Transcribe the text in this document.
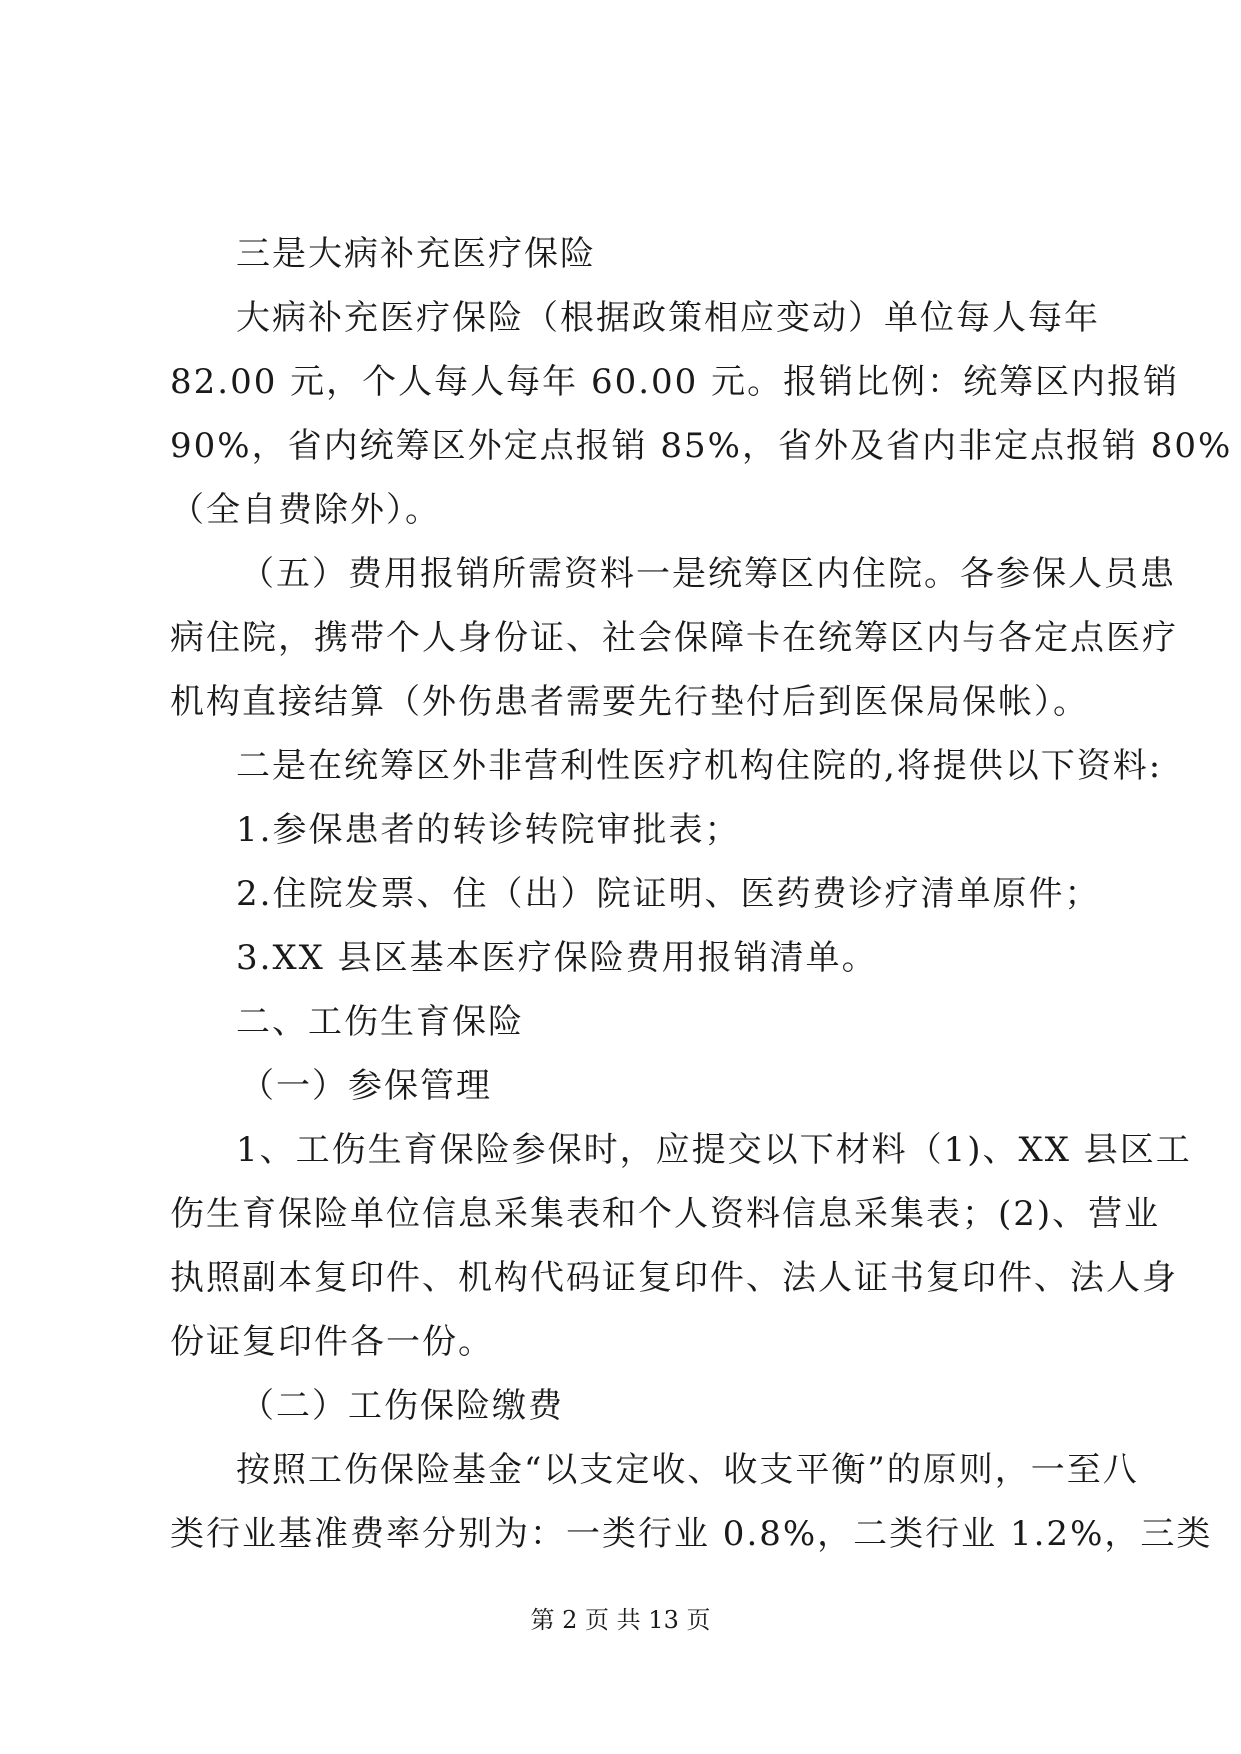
三是大病补充医疗保险
大病补充医疗保险（根据政策相应变动）单位每人每年
82.00 元，个人每人每年 60.00 元。报销比例：统筹区内报销
90%，省内统筹区外定点报销 85%，省外及省内非定点报销 80%
（全自费除外）。
（五）费用报销所需资料一是统筹区内住院。各参保人员患
病住院，携带个人身份证、社会保障卡在统筹区内与各定点医疗
机构直接结算（外伤患者需要先行垫付后到医保局保帐）。
二是在统筹区外非营利性医疗机构住院的,将提供以下资料:
1.参保患者的转诊转院审批表；
2.住院发票、住（出）院证明、医药费诊疗清单原件；
3.XX 县区基本医疗保险费用报销清单。
二、工伤生育保险
（一）参保管理
1、工伤生育保险参保时，应提交以下材料（1)、XX 县区工
伤生育保险单位信息采集表和个人资料信息采集表；(2)、营业
执照副本复印件、机构代码证复印件、法人证书复印件、法人身
份证复印件各一份。
（二）工伤保险缴费
按照工伤保险基金“以支定收、收支平衡”的原则，一至八
类行业基准费率分别为：一类行业 0.8%，二类行业 1.2%，三类
第 2 页 共 13 页
